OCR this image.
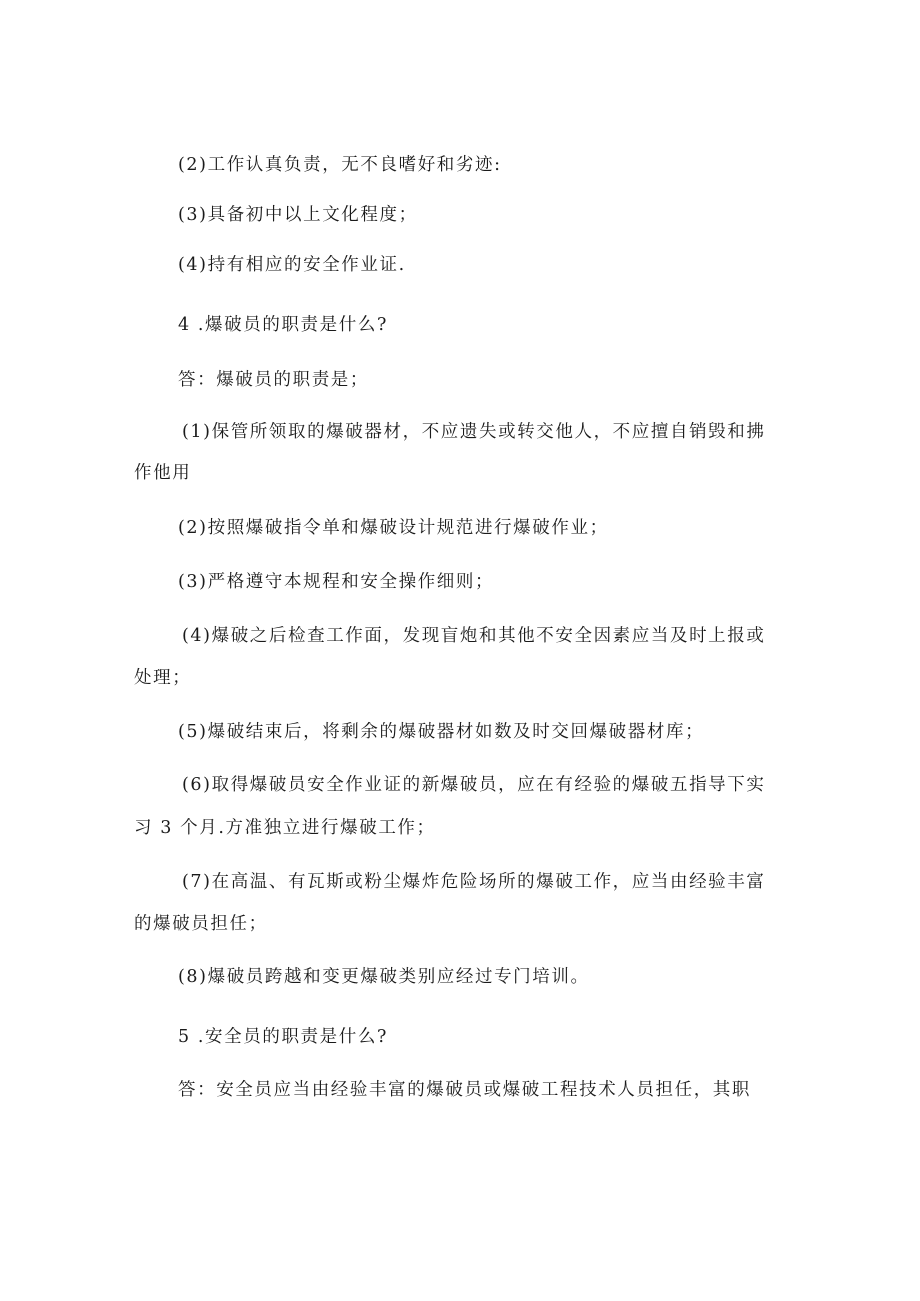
(2)工作认真负责，无不良嗜好和劣迹:
(3)具备初中以上文化程度；
(4)持有相应的安全作业证.
4 .爆破员的职责是什么?
答：爆破员的职责是；
(1)保管所领取的爆破器材，不应遗失或转交他人，不应擅自销毁和拂
作他用
(2)按照爆破指令单和爆破设计规范进行爆破作业；
(3)严格遵守本规程和安全操作细则；
(4)爆破之后检查工作面，发现盲炮和其他不安全因素应当及时上报或
处理；
(5)爆破结束后，将剩余的爆破器材如数及时交回爆破器材库；
(6)取得爆破员安全作业证的新爆破员，应在有经验的爆破五指导下实
习 3 个月.方准独立进行爆破工作；
(7)在高温、有瓦斯或粉尘爆炸危险场所的爆破工作，应当由经验丰富
的爆破员担任；
(8)爆破员跨越和变更爆破类别应经过专门培训。
5 .安全员的职责是什么?
答：安全员应当由经验丰富的爆破员或爆破工程技术人员担任，其职
